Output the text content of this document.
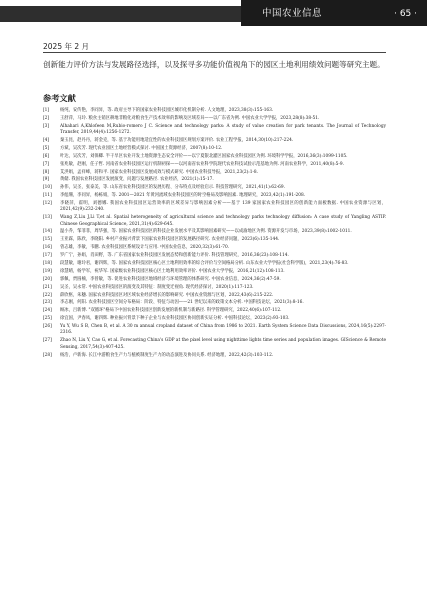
中国农业信息	· 65 ·
2025 年 2 月
创新能力评价方法与发展路径选择，以及探寻多功能价值视角下的园区土地利用绩效问题等研究主题。
参考文献
[1]	杨纯，安传艳，李同昇，等. 政府主导下的国家农业科技园区城市化机制分析. 人文地理，2023,38(3):155-163.
[2]	王舒萍，马玲. 粮食主销区耕地非粮化对粮食生产技术效率的影响及区域差异——以广东省为例. 中国农业大学学报，2023,28(8):38-51.
[3]	Alhahari A,Khlofeen M,Rubio-romero J C. Science and technology parks: A study of value creation for park tenants. The Journal of Technology Transfer, 2019,44(4):1256-1272.
[4]	秦玉昆，赵丹丹，蒋金克，等. 基于功能用地适宜性的农业科技园区规划方案评价. 农业工程学报，2014,30(10):217-224.
[5]	方斌，吴次芳. 现代农业园区土地经营模式探讨. 中国国土资源经济，2007(8):10-12.
[6]	叶达，吴次芳，刘保卿. 半干旱区农业开发土地资源生态安全评价——以宁夏银北灌区国家农业科技园区为例. 环境科学学报，2016,36(3):1099-1105.
[7]	张兆敏，赵刚，任子哲. 河南省农业科技园区运行机制初探——以河南省农业科学院现代农业科技试验示范基地为例. 河南农业科学，2011,40(8):5-9.
[8]	艾洪娟，孟祥峰，蒋和平. 国家农业科技园区发展成效与模式研究. 中国农业科技导报，2021,23(2):1-8.
[9]	黄储. 我国农业科技园区发展演变、问题与发展路径. 农业经济，2021(1):15-17.
[10]	孙伟，吴圣，张泰美，等. 山东省农业科技园区的发展历程、分布特点及经验启示. 科技管理研究，2021,41(1):62-69.
[11]	李彪珊，李同昇，杨栋娟，等. 2001—2021 年黄河流域农业科技园区的时空格局及影响因素. 地理研究，2023,42(1):191-208.
[12]	李晓萍，霍明，刘德娜. 我国农业科技园区运营效率的区域差异与影响因素分析——基于 139 家国家农业科技园区的创新能力面板数据. 中国农业资源与区划，2021,42(9):232-240.
[13]	Wang Z,Liu J,Li T,et al. Spatial heterogeneity of agricultural science and technology parks technology diffusion: A case study of Yangling ASTIP. Chinese Geographical Science, 2021,31(4):629-645.
[14]	温小乔，邹菲菲，周华强，等. 国家农业科技园区的科技企业发展水平及其影响因素研究——以成渝地区为例. 资源开发与市场，2023,39(8):1002-1011.
[15]	王亚霖，陈欣，李晓阳. 乡村产业振兴背景下国家农业科技园区的发展路径研究. 农业经济问题，2023(6):135-144.
[16]	曾志雄，李敏，韦鹏. 农业科技园区系统设计与应用. 中国农业信息，2020,32(3):61-70.
[17]	罗广宁，孙娟，肖田野，等. 广东省国家农业科技园区发展态势和创新能力评价. 科技管理研究，2016,36(23):108-114.
[18]	段慧敏，谢玲君，谢四辉，等. 国家农业科技园区核心区土地利用效率的综合评价与空间格局分析. 山东农业大学学报(社会科学版)，2021,23(4):76-83.
[19]	徐慧晴，杨学军，祝华军. 国家级农业科技园区核心区土地利用效率评价. 中国农业大学学报，2016,21(12):108-113.
[20]	郭佩，贾圆楠，李曾敏，等. 促进农业科技园区地域经济与环境管理的体系研究. 中国农业信息，2024,36(2):47-59.
[21]	吴圣，吴永常. 中国农业科技园区的演变及其特征：制度变迁视角. 现代经济探讨，2020(1):117-123.
[22]	薛欣枢，朱穗. 国家农业科技园区对区域农业经济增长的影响研究. 中国农业资源与区划，2022,43(6):215-222.
[23]	李志刚，何阳. 农业科技园区空间分布格局：阶段、特征与动因——21 世纪以来的政策文本分析. 中国科技论坛，2021(3):8-16.
[24]	顾冰，吕新博. "双循环"格局下中国农业科技园区创新发展的新机制与新路径. 科学管理研究，2022,40(6):107-112.
[25]	徐宜国，尹春凤，谢四辉. 种业振兴背景下种子企业与农业科技园区协同创新实证分析. 中国科技论坛，2023(2):93-103.
[26]	Yu Y, Wu S B, Chen B, et al. A 30 m annual cropland dataset of China from 1986 to 2021. Earth System Science Data Discussions, 2024,16(5):2297-2316.
[27]	Zhao N, Liu Y, Cao G, et al. Forecasting China's GDP at the pixel level using nighttime lights time series and population images. GIScience & Remote Sensing, 2017,54(3):407-425.
[28]	杨浩，卢新海. 长江中游粮食生产力与植被制度生产力的动态演进及协同关系. 经济地理，2022,42(3):103-112.
